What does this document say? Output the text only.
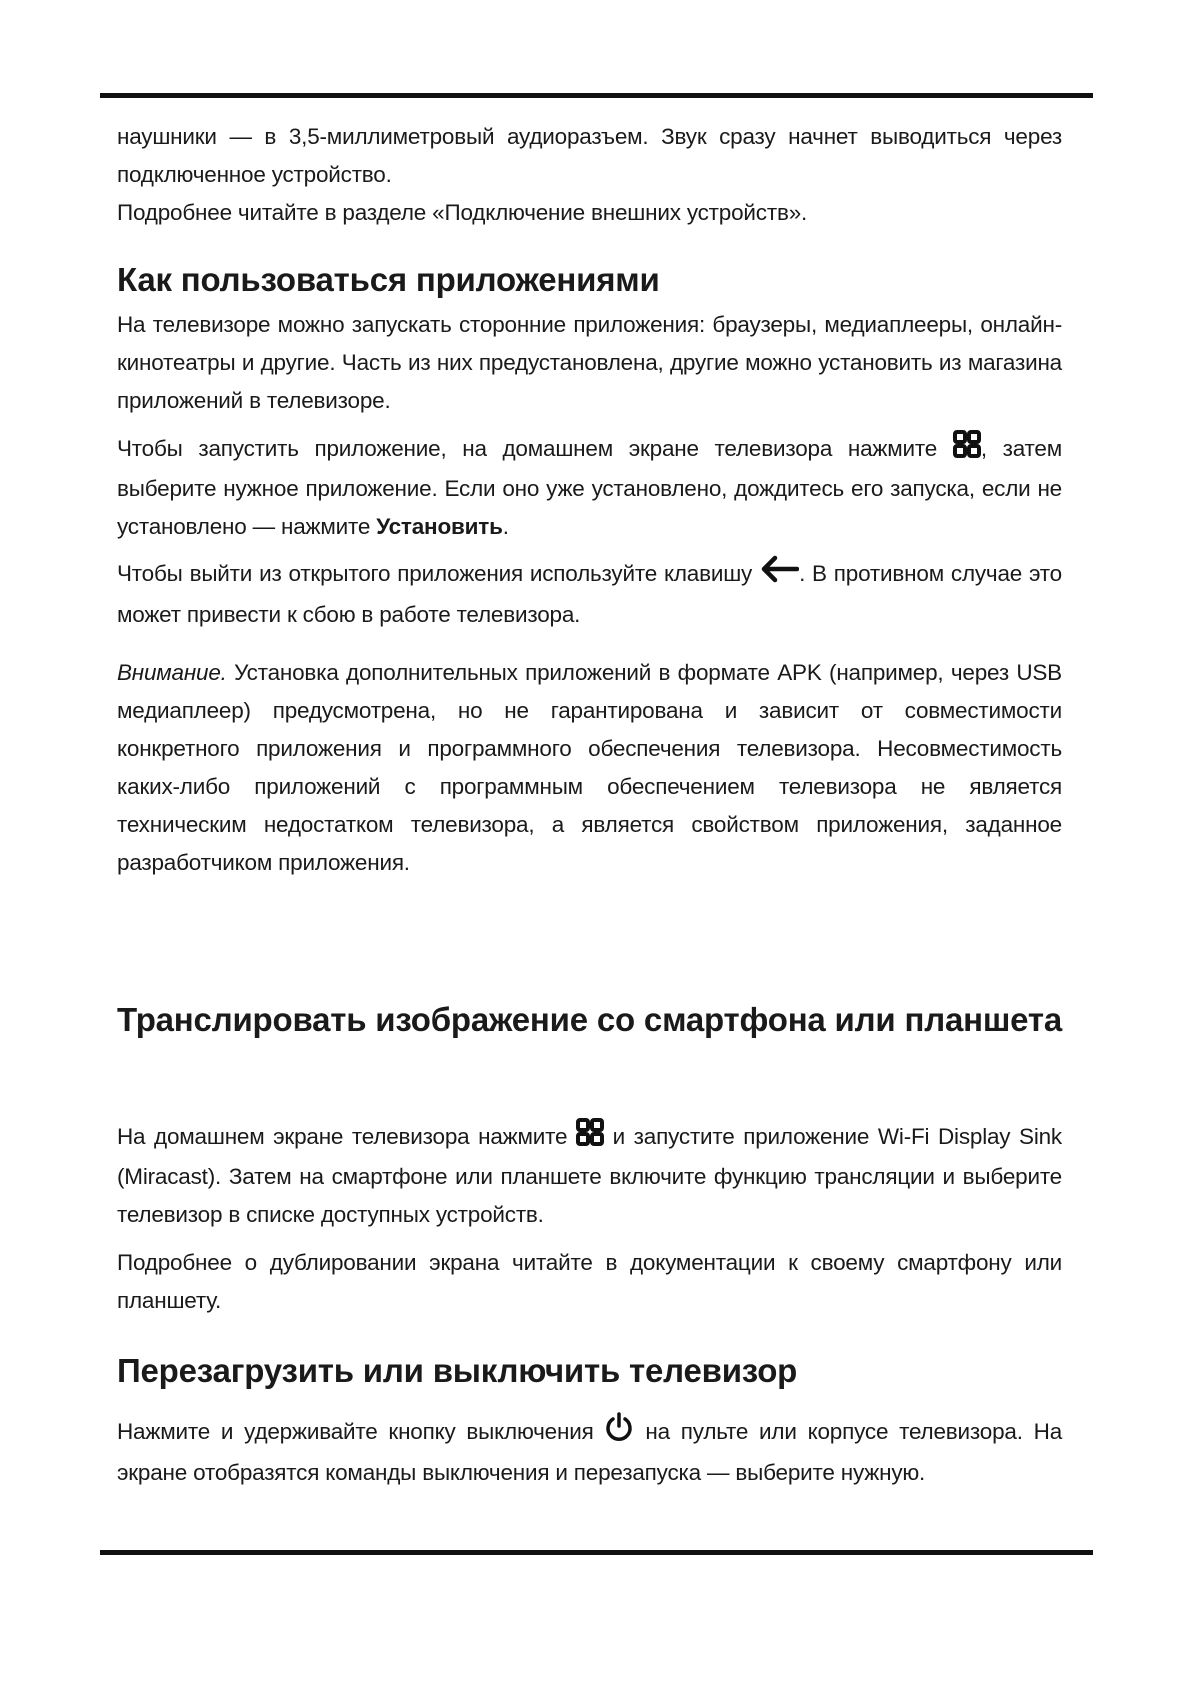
наушники — в 3,5-миллиметровый аудиоразъем. Звук сразу начнет выводиться через подключенное устройство.

Подробнее читайте в разделе «Подключение внешних устройств».

Как пользоваться приложениями

На телевизоре можно запускать сторонние приложения: браузеры, медиаплееры, онлайн-кинотеатры и другие. Часть из них предустановлена, другие можно установить из магазина приложений в телевизоре.

Чтобы запустить приложение, на домашнем экране телевизора нажмите , затем выберите нужное приложение. Если оно уже установлено, дождитесь его запуска, если не установлено — нажмите Установить.

Чтобы выйти из открытого приложения используйте клавишу . В противном случае это может привести к сбою в работе телевизора.

Внимание. Установка дополнительных приложений в формате APK (например, через USB медиаплеер) предусмотрена, но не гарантирована и зависит от совместимости конкретного приложения и программного обеспечения телевизора. Несовместимость каких-либо приложений с программным обеспечением телевизора не является техническим недостатком телевизора, а является свойством приложения, заданное разработчиком приложения.

Транслировать изображение со смартфона или планшета

На домашнем экране телевизора нажмите и запустите приложение Wi-Fi Display Sink (Miracast). Затем на смартфоне или планшете включите функцию трансляции и выберите телевизор в списке доступных устройств.

Подробнее о дублировании экрана читайте в документации к своему смартфону или планшету.

Перезагрузить или выключить телевизор

Нажмите и удерживайте кнопку выключения на пульте или корпусе телевизора. На экране отобразятся команды выключения и перезапуска — выберите нужную.
